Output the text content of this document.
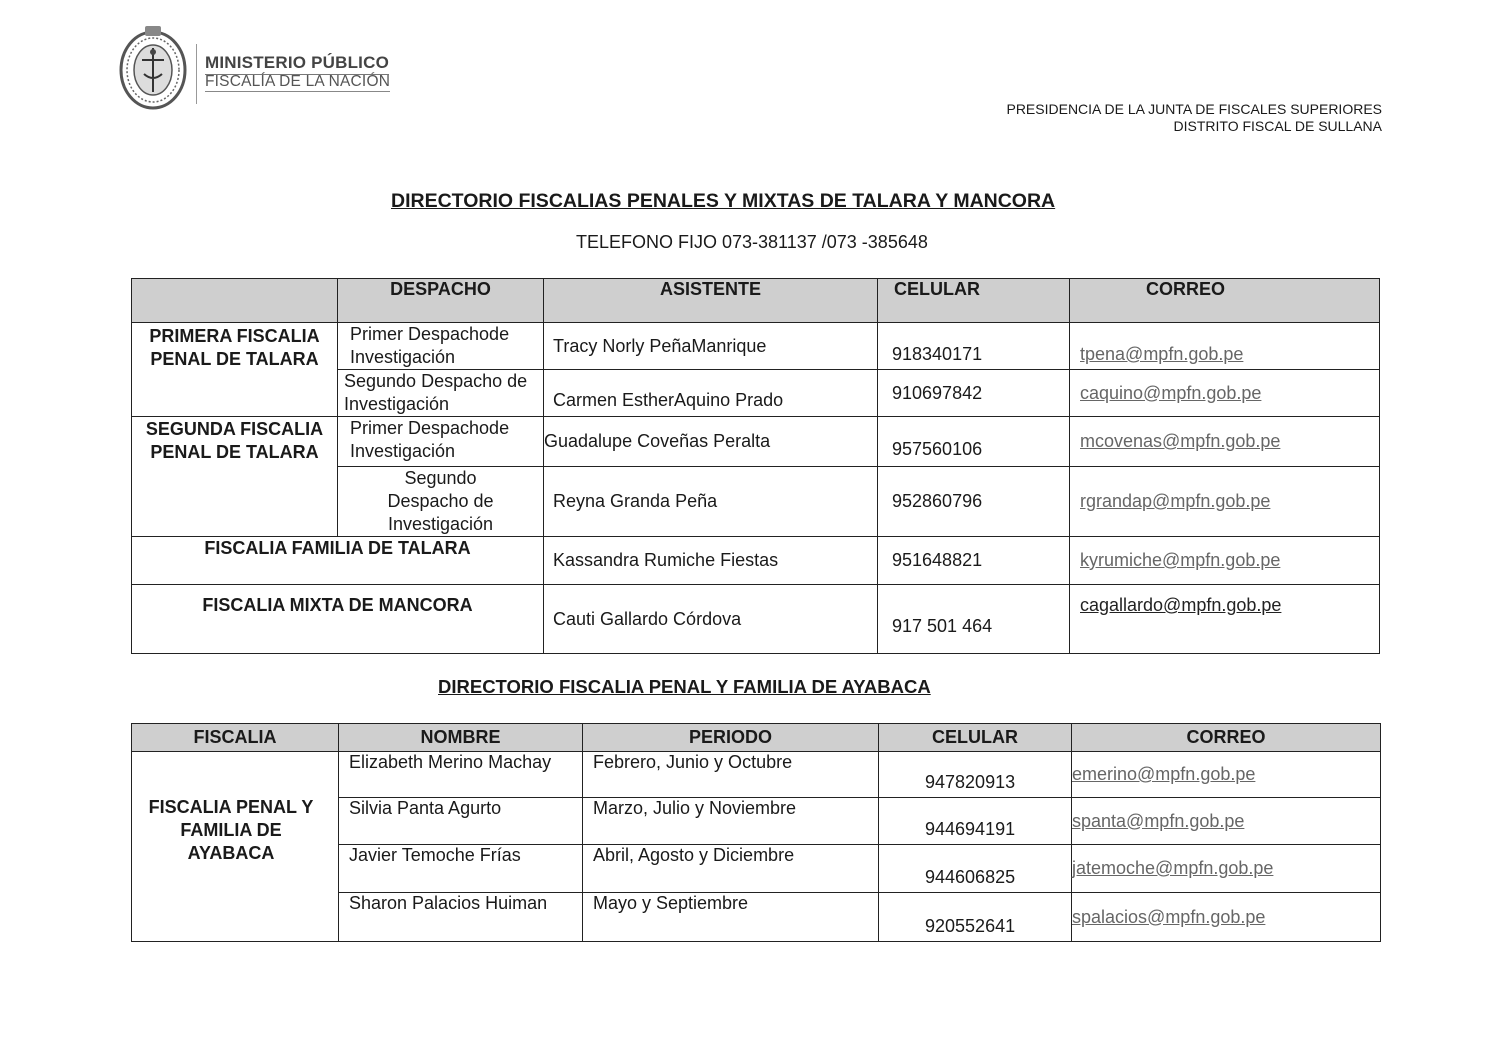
MINISTERIO PÚBLICO
FISCALÍA DE LA NACIÓN
PRESIDENCIA DE LA JUNTA DE FISCALES SUPERIORES
DISTRITO FISCAL DE SULLANA
DIRECTORIO FISCALIAS PENALES Y MIXTAS DE TALARA Y MANCORA
TELEFONO FIJO 073-381137 /073 -385648
	DESPACHO	ASISTENTE	CELULAR	CORREO
PRIMERA FISCALIA PENAL DE TALARA	Primer Despachode Investigación	Tracy Norly PeñaManrique	918340171	tpena@mpfn.gob.pe
	Segundo Despacho de Investigación	Carmen EstherAquino Prado	910697842	caquino@mpfn.gob.pe
SEGUNDA FISCALIA PENAL DE TALARA	Primer Despachode Investigación	Guadalupe Coveñas Peralta	957560106	mcovenas@mpfn.gob.pe
	Segundo Despacho de Investigación	Reyna Granda Peña	952860796	rgrandap@mpfn.gob.pe
FISCALIA FAMILIA DE TALARA		Kassandra Rumiche Fiestas	951648821	kyrumiche@mpfn.gob.pe
FISCALIA MIXTA DE MANCORA		Cauti Gallardo Córdova	917 501 464	cagallardo@mpfn.gob.pe
DIRECTORIO FISCALIA PENAL Y FAMILIA DE AYABACA
FISCALIA	NOMBRE	PERIODO	CELULAR	CORREO
FISCALIA PENAL Y FAMILIA DE AYABACA	Elizabeth Merino Machay	Febrero, Junio y Octubre	947820913	emerino@mpfn.gob.pe
	Silvia Panta Agurto	Marzo, Julio y Noviembre	944694191	spanta@mpfn.gob.pe
	Javier Temoche Frías	Abril, Agosto y Diciembre	944606825	jatemoche@mpfn.gob.pe
	Sharon Palacios Huiman	Mayo y Septiembre	920552641	spalacios@mpfn.gob.pe
